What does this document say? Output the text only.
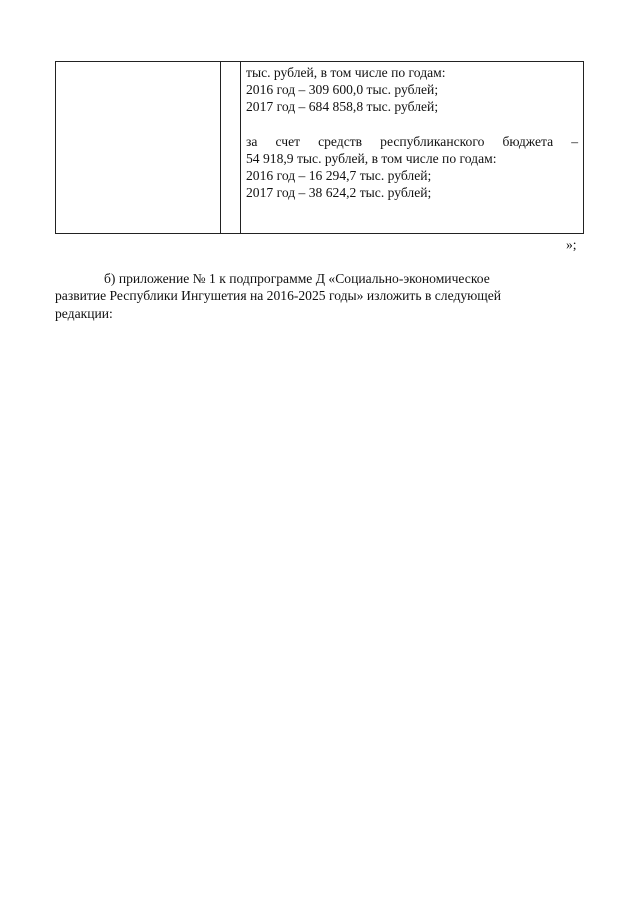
тыс. рублей, в том числе по годам:
2016 год – 309 600,0 тыс. рублей;
2017 год – 684 858,8 тыс. рублей;
за счет средств республиканского бюджета –
54 918,9 тыс. рублей, в том числе по годам:
2016 год – 16 294,7 тыс. рублей;
2017 год – 38 624,2 тыс. рублей;
»;
б) приложение № 1 к подпрограмме Д «Социально-экономическое
развитие Республики Ингушетия на 2016-2025 годы» изложить в следующей
редакции:
